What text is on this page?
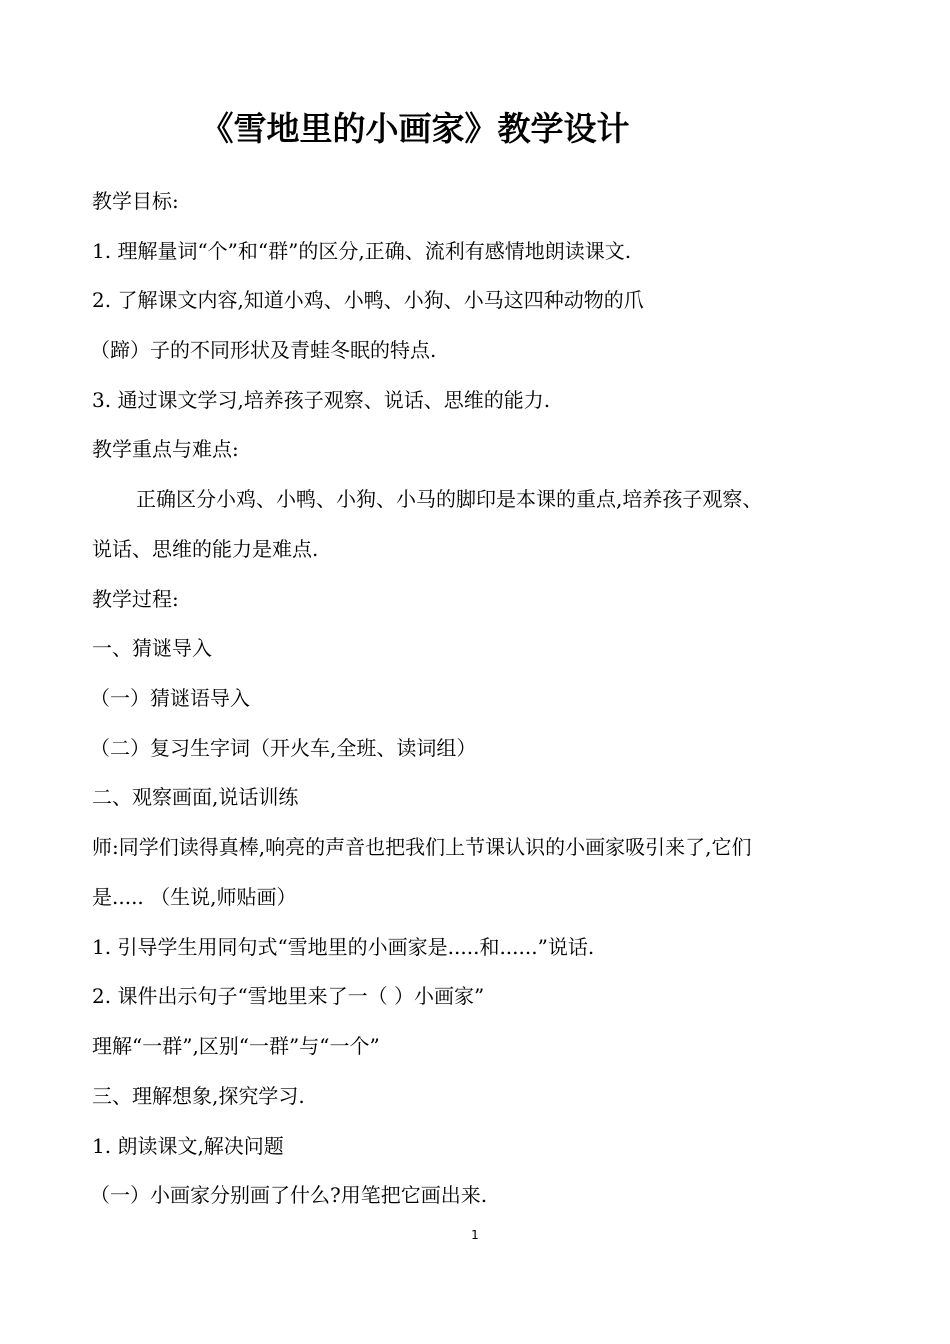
《雪地里的小画家》教学设计
教学目标:
1. 理解量词“个”和“群”的区分,正确、流利有感情地朗读课文.
2. 了解课文内容,知道小鸡、小鸭、小狗、小马这四种动物的爪
（蹄）子的不同形状及青蛙冬眠的特点.
3. 通过课文学习,培养孩子观察、说话、思维的能力.
教学重点与难点:
正确区分小鸡、小鸭、小狗、小马的脚印是本课的重点,培养孩子观察、
说话、思维的能力是难点.
教学过程:
一、猜谜导入
（一）猜谜语导入
（二）复习生字词（开火车,全班、读词组）
二、观察画面,说话训练
师:同学们读得真棒,响亮的声音也把我们上节课认识的小画家吸引来了,它们
是..... （生说,师贴画）
1. 引导学生用同句式“雪地里的小画家是.....和......”说话.
2. 课件出示句子“雪地里来了一（ ）小画家”
理解“一群”,区别“一群”与“一个”
三、理解想象,探究学习.
1. 朗读课文,解决问题
（一）小画家分别画了什么?用笔把它画出来.
1
